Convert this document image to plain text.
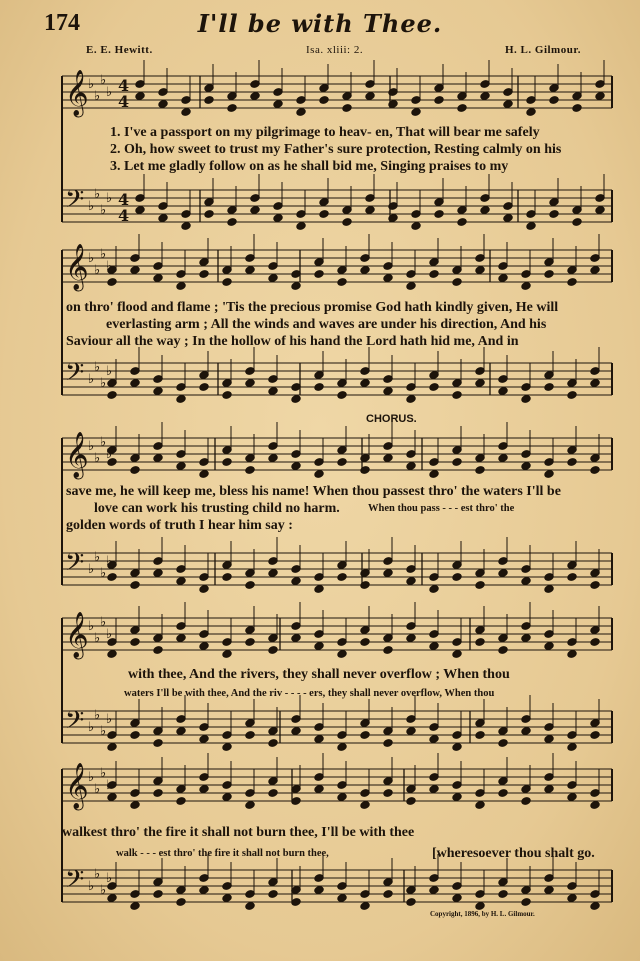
174	I'll be with Thee.
E. E. Hewitt.	Isa. xliii: 2.	H. L. Gilmour.
𝄞 ♭
♭
♭
♭
𝄢 ♭
♭
♭
♭
𝄞 ♭
♭
♭
♭
𝄢 ♭
♭
♭
♭
𝄞 ♭
♭
♭
♭
𝄢 ♭
♭
♭
♭
𝄞 ♭
♭
♭
♭
𝄢 ♭
♭
♭
♭
𝄞 ♭
♭
♭
♭
𝄢 ♭
♭
♭
♭
4
4
4
4
1. I've a passport on my pilgrimage to heav- en, That will bear me safely
2. Oh, how sweet to trust my Father's sure protection, Resting calmly on his
3. Let me gladly follow on as he shall bid me, Singing praises to my
on thro' flood and flame ; 'Tis the precious promise God hath kindly given, He will
everlasting arm ; All the winds and waves are under his direction, And his
Saviour all the way ; In the hollow of his hand the Lord hath hid me, And in
CHORUS.
save me, he will keep me, bless his name! When thou passest thro' the waters I'll be
love can work his trusting child no harm.	When thou pass - - - est thro' the
golden words of truth I hear him say :
with thee, And the rivers, they shall never overflow ; When thou
waters I'll be with thee, And the riv - - - - ers, they shall never overflow, When thou
walkest thro' the fire it shall not burn thee, I'll be with thee
walk - - - est thro' the fire it shall not burn thee,	[wheresoever thou shalt go.
Copyright, 1896, by H. L. Gilmour.
